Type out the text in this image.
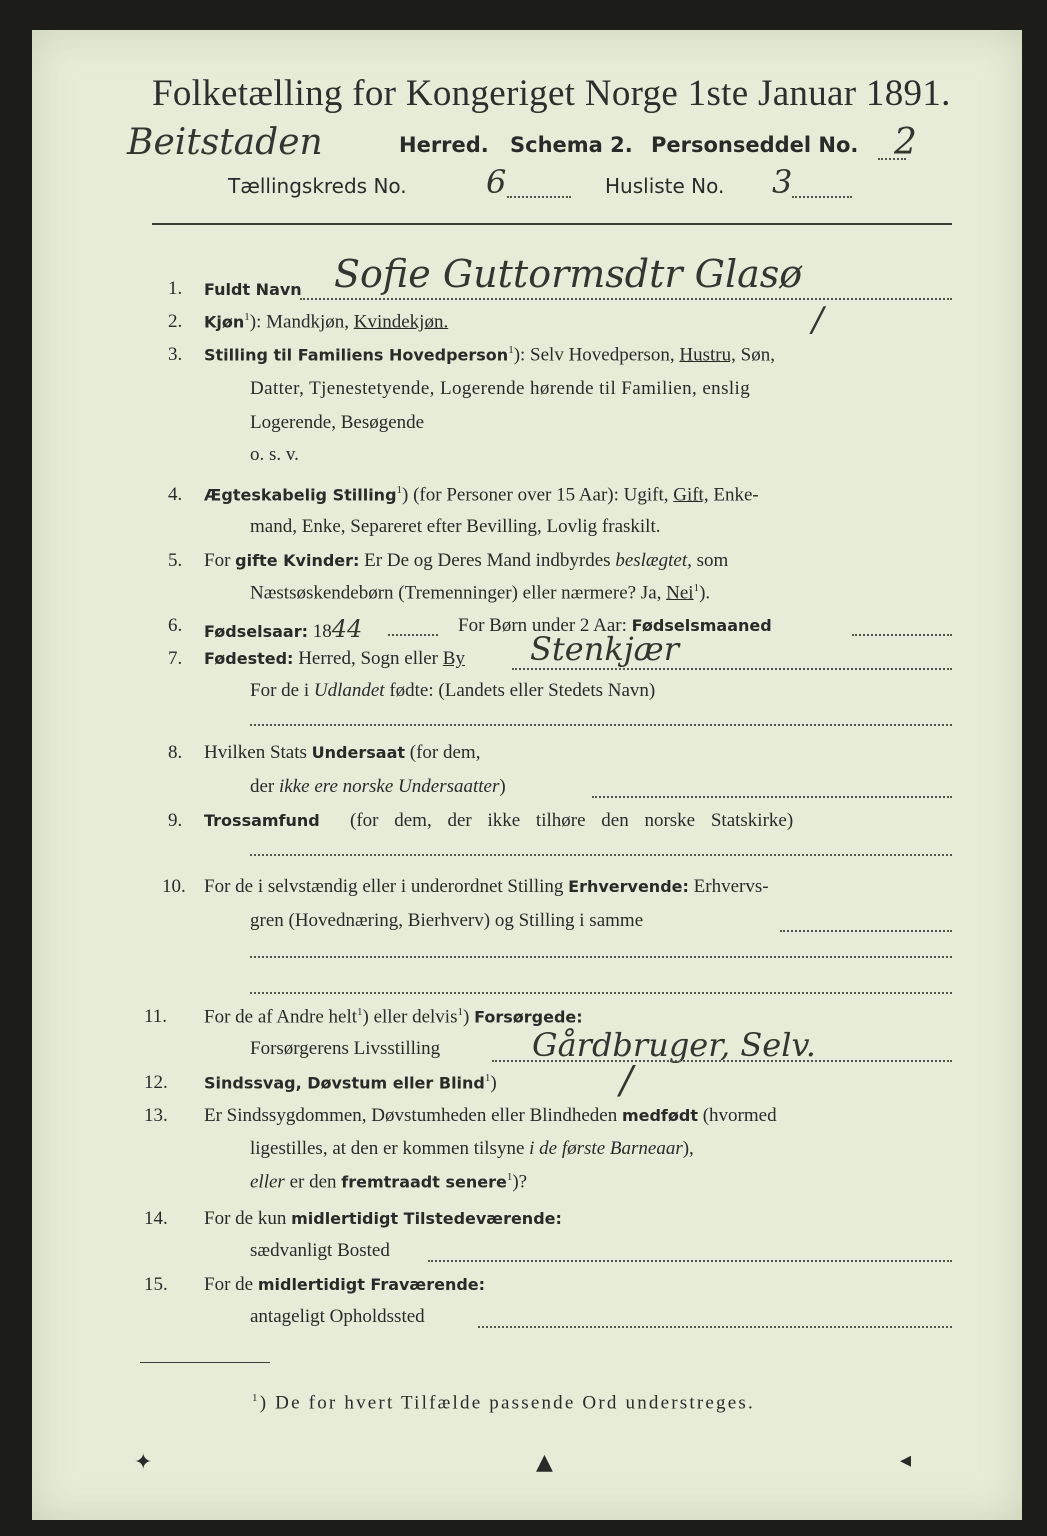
Folketælling for Kongeriget Norge 1ste Januar 1891.
Beitstaden	Herred. Schema 2. Personseddel No. 2
Tællingskreds No. 6	Husliste No. 3
1. Fuldt Navn Sofie Guttormsdtr Glasø
2. Kjøn$^1$): Mandkjøn, Kvindekjøn.	/
3. Stilling til Familiens Hovedperson$^1$): Selv Hovedperson, Hustru, Søn,
Datter, Tjenestetyende, Logerende hørende til Familien, enslig
Logerende, Besøgende
o. s. v.
4. Ægteskabelig Stilling$^1$) (for Personer over 15 Aar): Ugift, Gift, Enke-
mand, Enke, Separeret efter Bevilling, Lovlig fraskilt.
5. For gifte Kvinder: Er De og Deres Mand indbyrdes beslægtet, som
Næstsøskendebørn (Tremenninger) eller nærmere? Ja, Nei$^1$).
6. Fødselsaar: 1844	For Børn under 2 Aar: Fødselsmaaned
7. Fødested: Herred, Sogn eller By Stenkjær
For de i Udlandet fødte: (Landets eller Stedets Navn)
8. Hvilken Stats Undersaat (for dem,
der ikke ere norske Undersaatter)
9. Trossamfund (for dem, der ikke tilhøre den norske Statskirke)
10. For de i selvstændig eller i underordnet Stilling Erhvervende: Erhvervs-
gren (Hovednæring, Bierhverv) og Stilling i samme
11. For de af Andre helt$^1$) eller delvis$^1$) Forsørgede:
Forsørgerens Livsstilling	Gårdbruger, Selv.
12. Sindssvag, Døvstum eller Blind$^1$)	/
13. Er Sindssygdommen, Døvstumheden eller Blindheden medfødt (hvormed
ligestilles, at den er kommen tilsyne i de første Barneaar),
eller er den fremtraadt senere$^1$)?
14. For de kun midlertidigt Tilstedeværende:
sædvanligt Bosted
15. For de midlertidigt Fraværende:
antageligt Opholdssted
$^1$) De for hvert Tilfælde passende Ord understreges.
✦	▲	◂
